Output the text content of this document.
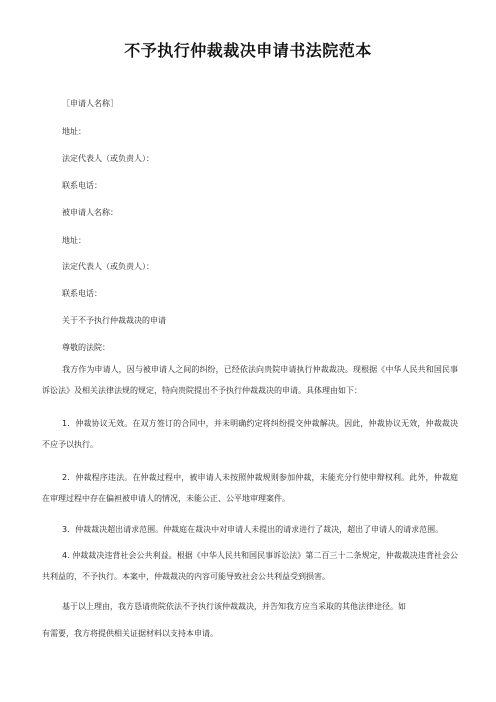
不予执行仲裁裁决申请书法院范本
［申请人名称］
地址：
法定代表人（或负责人）：
联系电话：
被申请人名称：
地址：
法定代表人（或负责人）：
联系电话：
关于不予执行仲裁裁决的申请
尊敬的法院：
我方作为申请人，因与被申请人之间的纠纷，已经依法向贵院申请执行仲裁裁决。现根据《中华人民共和国民事诉讼法》及相关法律法规的规定，特向贵院提出不予执行仲裁裁决的申请。具体理由如下：
1．仲裁协议无效。在双方签订的合同中，并未明确约定将纠纷提交仲裁解决。因此，仲裁协议无效，仲裁裁决不应予以执行。
2．仲裁程序违法。在仲裁过程中，被申请人未按照仲裁规则参加仲裁，未能充分行使申辩权利。此外，仲裁庭在审理过程中存在偏袒被申请人的情况，未能公正、公平地审理案件。
3．仲裁裁决超出请求范围。仲裁庭在裁决中对申请人未提出的请求进行了裁决，超出了申请人的请求范围。
4. 仲裁裁决违背社会公共利益。根据《中华人民共和国民事诉讼法》第二百三十二条规定，仲裁裁决违背社会公共利益的，不予执行。本案中，仲裁裁决的内容可能导致社会公共利益受到损害。
基于以上理由，我方恳请贵院依法不予执行该仲裁裁决，并告知我方应当采取的其他法律途径。如
有需要，我方将提供相关证据材料以支持本申请。
